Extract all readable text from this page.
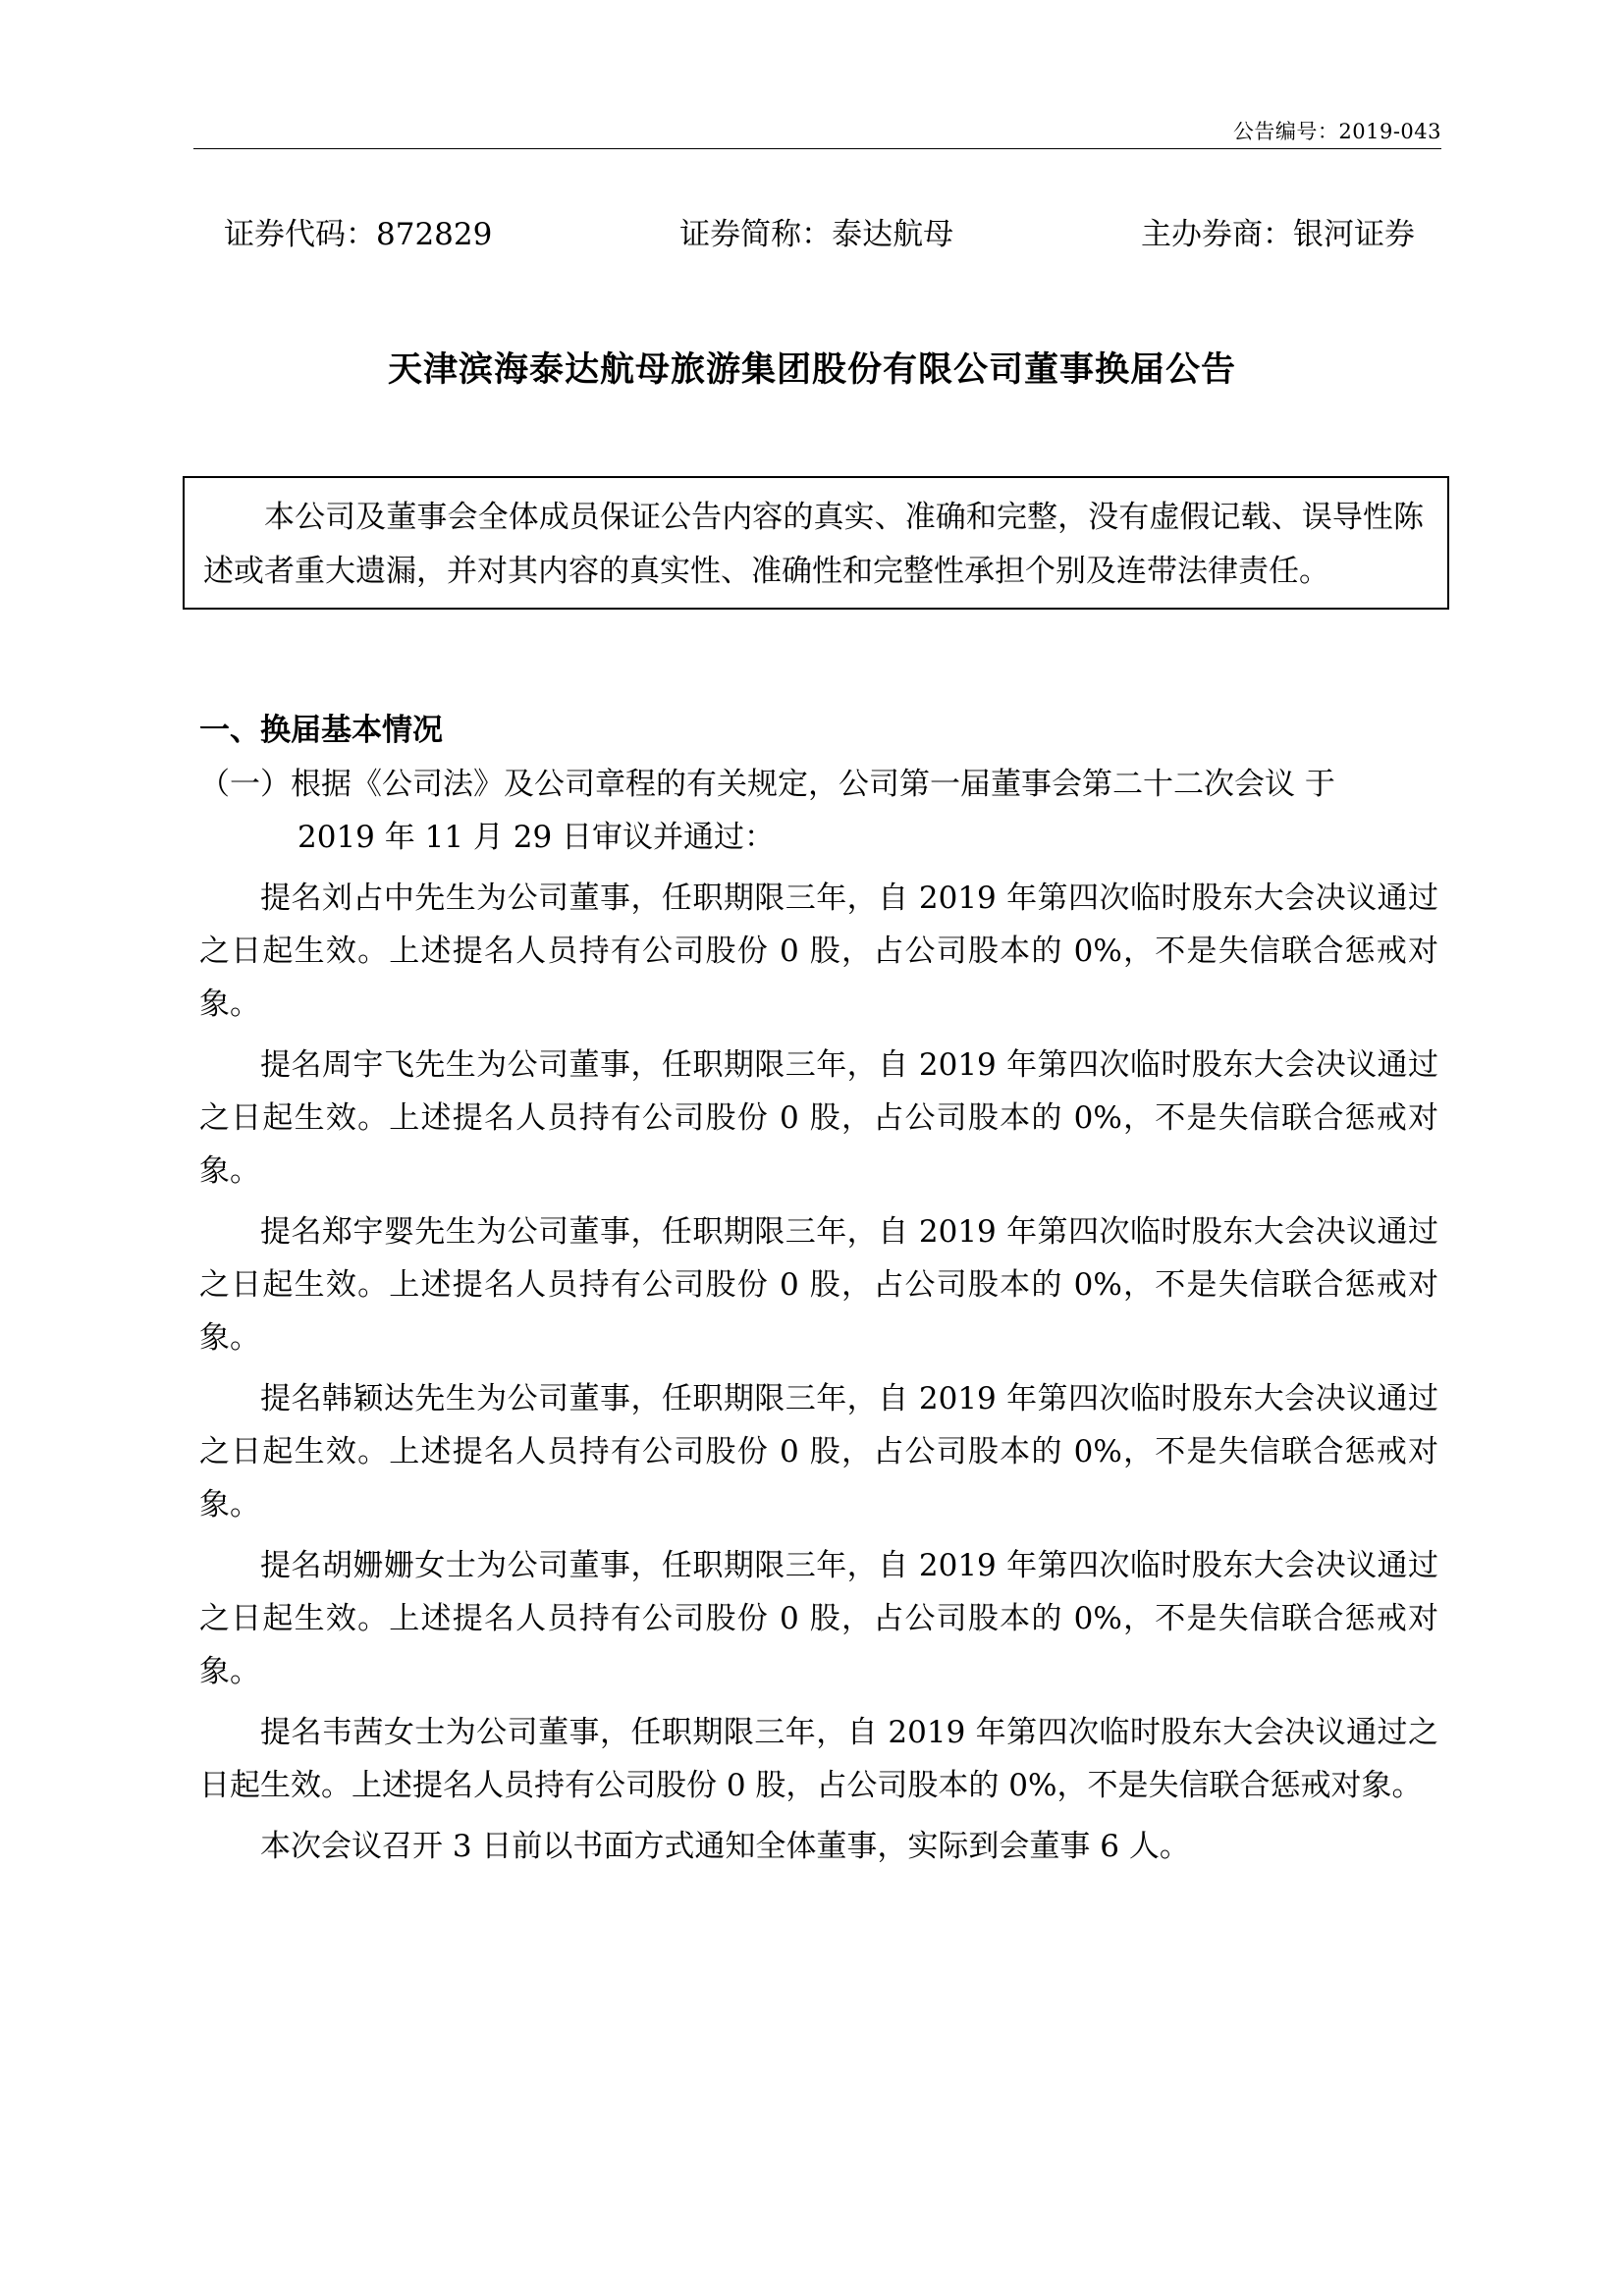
公告编号：2019-043
证券代码：872829	证券简称：泰达航母	主办券商：银河证券
天津滨海泰达航母旅游集团股份有限公司董事换届公告
本公司及董事会全体成员保证公告内容的真实、准确和完整，没有虚假记载、误导性陈述或者重大遗漏，并对其内容的真实性、准确性和完整性承担个别及连带法律责任。
一、换届基本情况

（一）根据《公司法》及公司章程的有关规定，公司第一届董事会第二十二次会议 于

2019 年 11 月 29 日审议并通过：

提名刘占中先生为公司董事，任职期限三年，自 2019 年第四次临时股东大会决议通过之日起生效。上述提名人员持有公司股份 0 股，占公司股本的 0%，不是失信联合惩戒对象。

提名周宇飞先生为公司董事，任职期限三年，自 2019 年第四次临时股东大会决议通过之日起生效。上述提名人员持有公司股份 0 股，占公司股本的 0%，不是失信联合惩戒对象。

提名郑宇婴先生为公司董事，任职期限三年，自 2019 年第四次临时股东大会决议通过之日起生效。上述提名人员持有公司股份 0 股，占公司股本的 0%，不是失信联合惩戒对象。

提名韩颖达先生为公司董事，任职期限三年，自 2019 年第四次临时股东大会决议通过之日起生效。上述提名人员持有公司股份 0 股，占公司股本的 0%，不是失信联合惩戒对象。

提名胡姗姗女士为公司董事，任职期限三年，自 2019 年第四次临时股东大会决议通过之日起生效。上述提名人员持有公司股份 0 股，占公司股本的 0%，不是失信联合惩戒对象。

提名韦茜女士为公司董事，任职期限三年，自 2019 年第四次临时股东大会决议通过之日起生效。上述提名人员持有公司股份 0 股，占公司股本的 0%，不是失信联合惩戒对象。

本次会议召开 3 日前以书面方式通知全体董事，实际到会董事 6 人。
